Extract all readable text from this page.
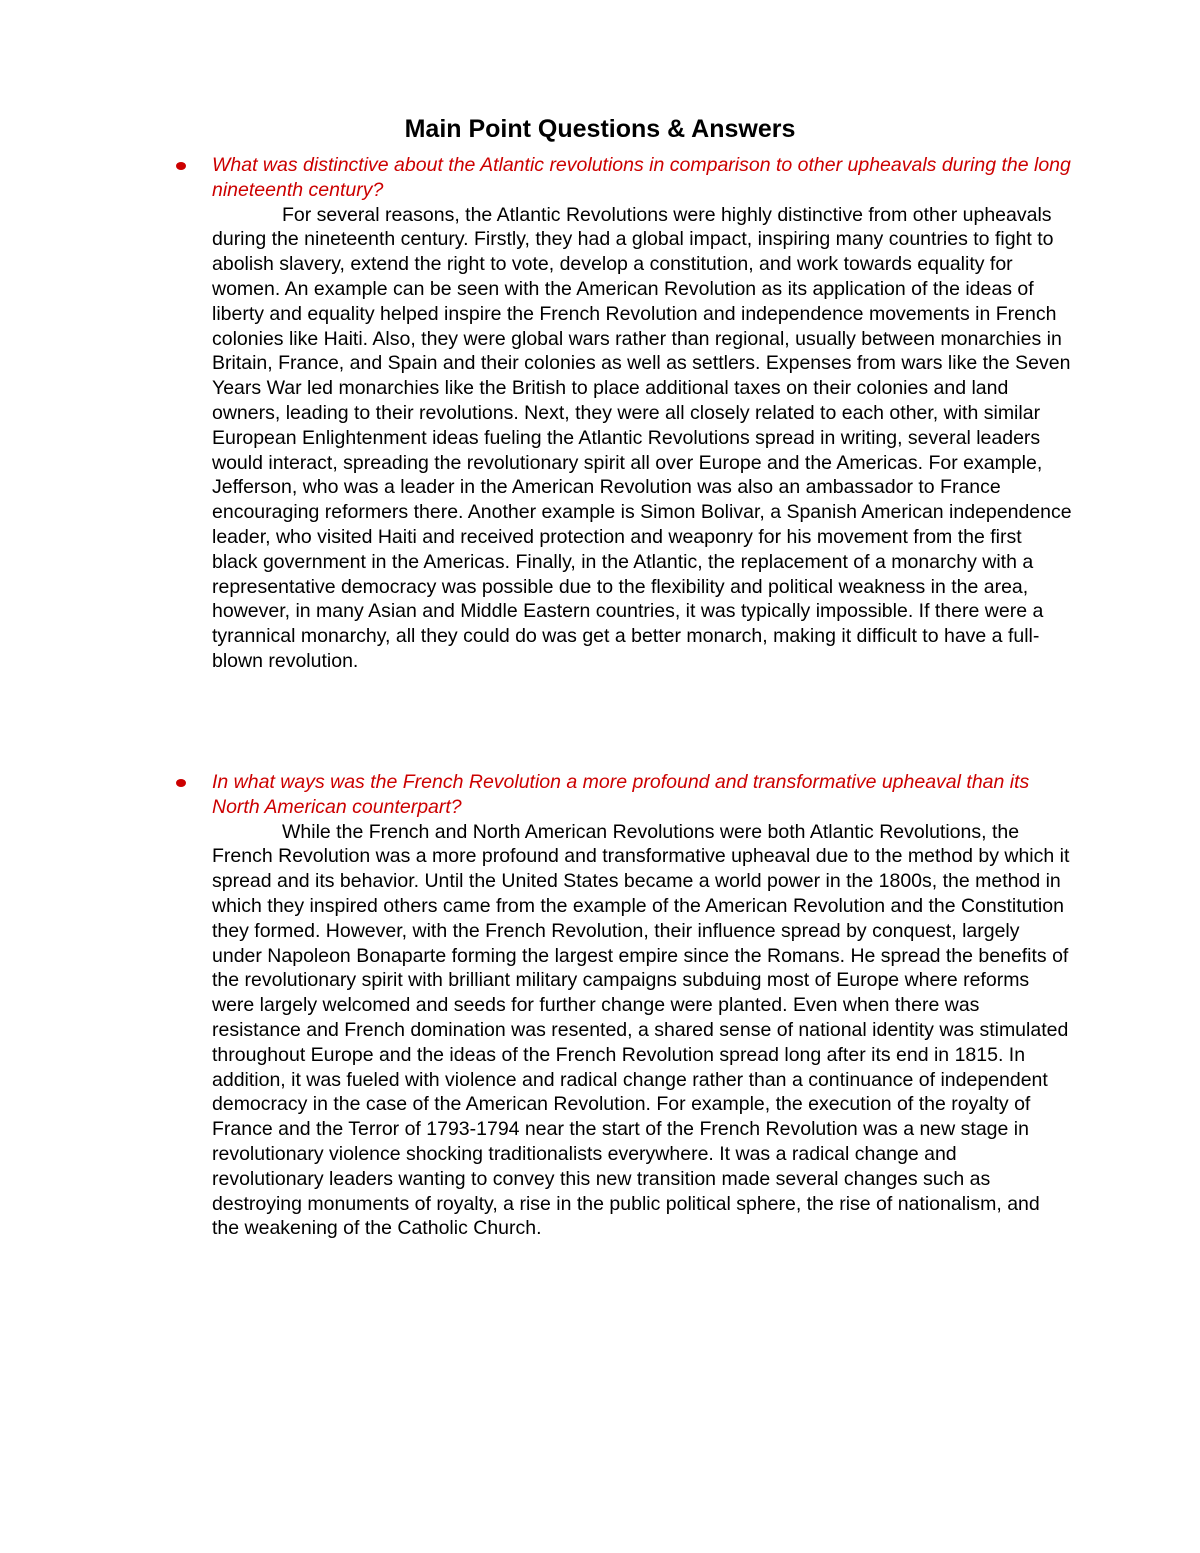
Main Point Questions & Answers

What was distinctive about the Atlantic revolutions in comparison to other upheavals during the long nineteenth century?

For several reasons, the Atlantic Revolutions were highly distinctive from other upheavals during the nineteenth century. Firstly, they had a global impact, inspiring many countries to fight to abolish slavery, extend the right to vote, develop a constitution, and work towards equality for women. An example can be seen with the American Revolution as its application of the ideas of liberty and equality helped inspire the French Revolution and independence movements in French colonies like Haiti. Also, they were global wars rather than regional, usually between monarchies in Britain, France, and Spain and their colonies as well as settlers. Expenses from wars like the Seven Years War led monarchies like the British to place additional taxes on their colonies and land owners, leading to their revolutions. Next, they were all closely related to each other, with similar European Enlightenment ideas fueling the Atlantic Revolutions spread in writing, several leaders would interact, spreading the revolutionary spirit all over Europe and the Americas. For example, Jefferson, who was a leader in the American Revolution was also an ambassador to France encouraging reformers there. Another example is Simon Bolivar, a Spanish American independence leader, who visited Haiti and received protection and weaponry for his movement from the first black government in the Americas. Finally, in the Atlantic, the replacement of a monarchy with a representative democracy was possible due to the flexibility and political weakness in the area, however, in many Asian and Middle Eastern countries, it was typically impossible. If there were a tyrannical monarchy, all they could do was get a better monarch, making it difficult to have a full-blown revolution.

In what ways was the French Revolution a more profound and transformative upheaval than its North American counterpart?

While the French and North American Revolutions were both Atlantic Revolutions, the French Revolution was a more profound and transformative upheaval due to the method by which it spread and its behavior. Until the United States became a world power in the 1800s, the method in which they inspired others came from the example of the American Revolution and the Constitution they formed. However, with the French Revolution, their influence spread by conquest, largely under Napoleon Bonaparte forming the largest empire since the Romans. He spread the benefits of the revolutionary spirit with brilliant military campaigns subduing most of Europe where reforms were largely welcomed and seeds for further change were planted. Even when there was resistance and French domination was resented, a shared sense of national identity was stimulated throughout Europe and the ideas of the French Revolution spread long after its end in 1815. In addition, it was fueled with violence and radical change rather than a continuance of independent democracy in the case of the American Revolution. For example, the execution of the royalty of France and the Terror of 1793-1794 near the start of the French Revolution was a new stage in revolutionary violence shocking traditionalists everywhere. It was a radical change and revolutionary leaders wanting to convey this new transition made several changes such as destroying monuments of royalty, a rise in the public political sphere, the rise of nationalism, and the weakening of the Catholic Church.
